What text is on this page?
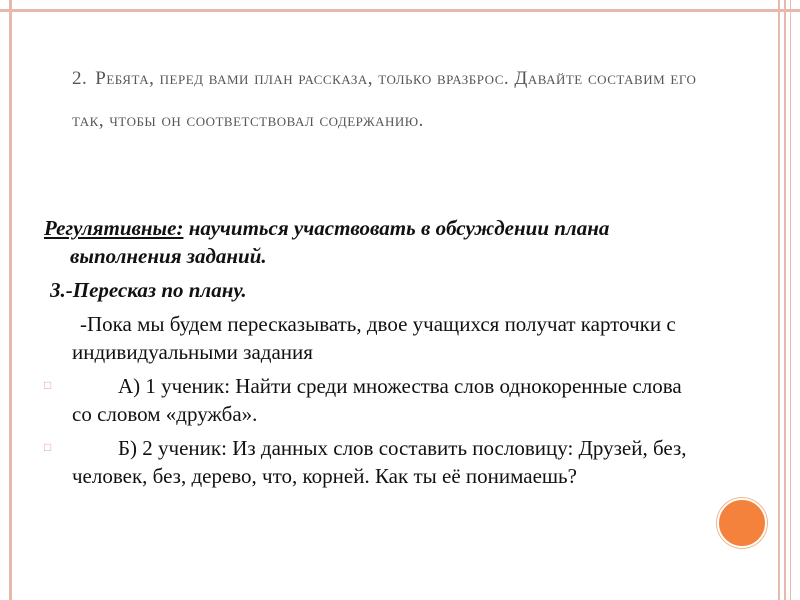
2. Ребята, перед вами план рассказа, только вразброс. Давайте составим его так, чтобы он соответствовал содержанию.
Регулятивные: научиться участвовать в обсуждении плана выполнения заданий.
3.-Пересказ по плану.
-Пока мы будем пересказывать, двое учащихся получат карточки с индивидуальными задания
□	А) 1 ученик: Найти среди множества слов однокоренные слова со словом «дружба».
□	Б) 2 ученик: Из данных слов составить пословицу: Друзей, без, человек, без, дерево, что, корней. Как ты её понимаешь?
